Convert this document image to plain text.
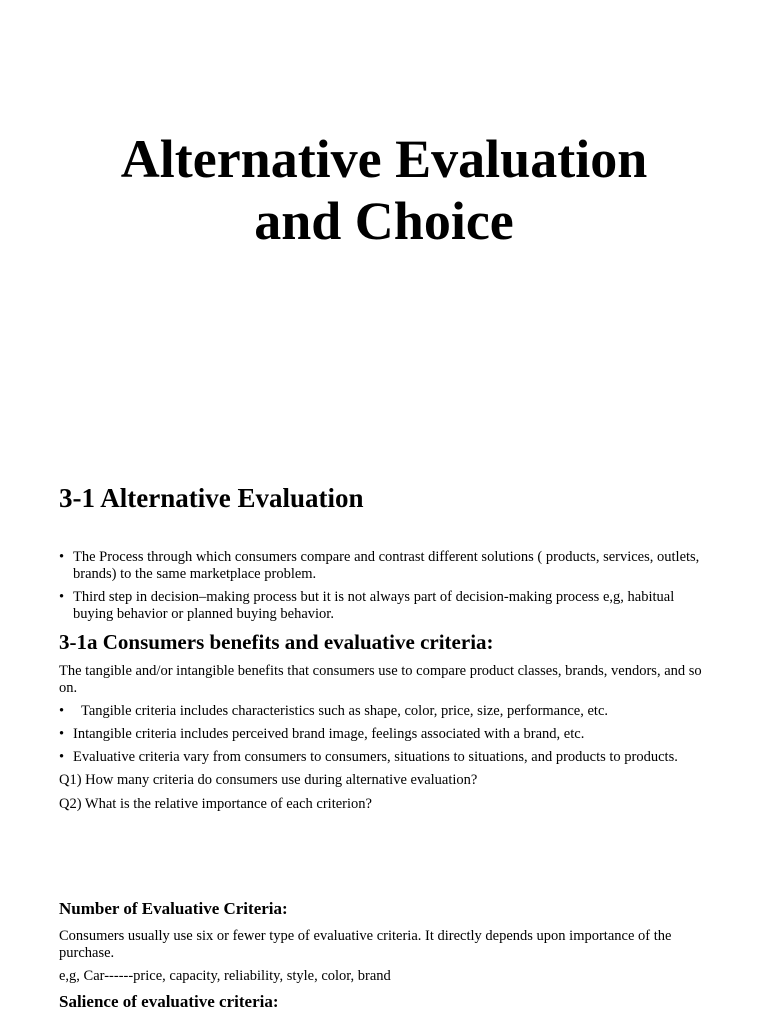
Alternative Evaluation
and Choice
3-1 Alternative Evaluation
• The Process through which consumers compare and contrast different solutions ( products, services, outlets, brands) to the same marketplace problem.
• Third step in decision–making process but it is not always part of decision-making process e,g, habitual buying behavior or planned buying behavior.
3-1a Consumers benefits and evaluative criteria:

The tangible and/or intangible benefits that consumers use to compare product classes, brands, vendors, and so on.

• Tangible criteria includes characteristics such as shape, color, price, size, performance, etc.
• Intangible criteria includes perceived brand image, feelings associated with a brand, etc.
• Evaluative criteria vary from consumers to consumers, situations to situations, and products to products.

Q1) How many criteria do consumers use during alternative evaluation?

Q2) What is the relative importance of each criterion?

Number of Evaluative Criteria:

Consumers usually use six or fewer type of evaluative criteria. It directly depends upon importance of the purchase.

e,g, Car------price, capacity, reliability, style, color, brand

Salience of evaluative criteria:
